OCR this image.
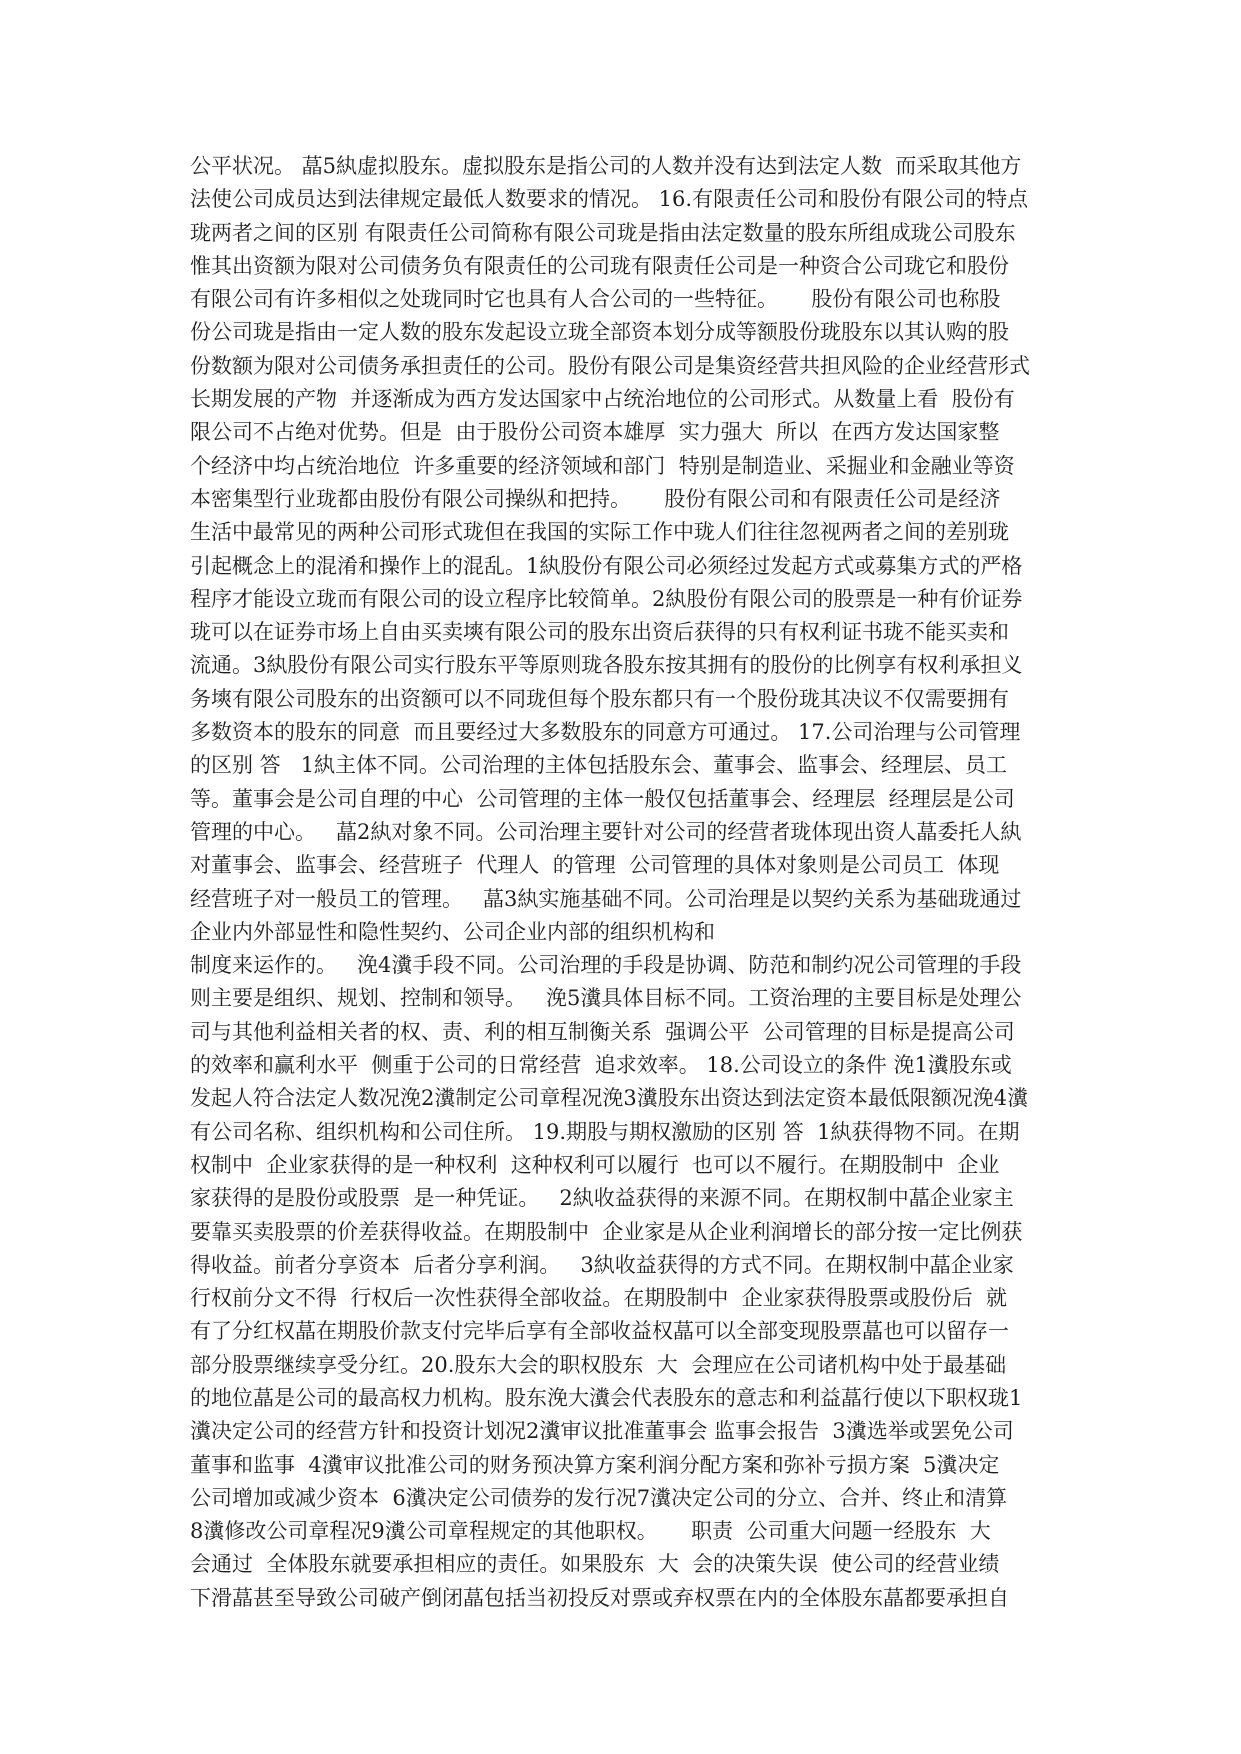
公平状况。 蕌5紈虚拟股东。虚拟股东是指公司的人数并没有达到法定人数  而采取其他方
法使公司成员达到法律规定最低人数要求的情况。 16.有限责任公司和股份有限公司的特点
珑两者之间的区别 有限责任公司简称有限公司珑是指由法定数量的股东所组成珑公司股东
惟其出资额为限对公司债务负有限责任的公司珑有限责任公司是一种资合公司珑它和股份
有限公司有许多相似之处珑同时它也具有人合公司的一些特征。     股份有限公司也称股
份公司珑是指由一定人数的股东发起设立珑全部资本划分成等额股份珑股东以其认购的股
份数额为限对公司债务承担责任的公司。股份有限公司是集资经营共担风险的企业经营形式
长期发展的产物  并逐渐成为西方发达国家中占统治地位的公司形式。从数量上看  股份有
限公司不占绝对优势。但是  由于股份公司资本雄厚  实力强大  所以  在西方发达国家整
个经济中均占统治地位  许多重要的经济领域和部门  特别是制造业、采掘业和金融业等资
本密集型行业珑都由股份有限公司操纵和把持。     股份有限公司和有限责任公司是经济
生活中最常见的两种公司形式珑但在我国的实际工作中珑人们往往忽视两者之间的差别珑
引起概念上的混淆和操作上的混乱。1紈股份有限公司必须经过发起方式或募集方式的严格
程序才能设立珑而有限公司的设立程序比较简单。2紈股份有限公司的股票是一种有价证券
珑可以在证券市场上自由买卖塽有限公司的股东出资后获得的只有权利证书珑不能买卖和
流通。3紈股份有限公司实行股东平等原则珑各股东按其拥有的股份的比例享有权利承担义
务塽有限公司股东的出资额可以不同珑但每个股东都只有一个股份珑其决议不仅需要拥有
多数资本的股东的同意  而且要经过大多数股东的同意方可通过。 17.公司治理与公司管理
的区别 答   1紈主体不同。公司治理的主体包括股东会、董事会、监事会、经理层、员工
等。董事会是公司自理的中心  公司管理的主体一般仅包括董事会、经理层  经理层是公司
管理的中心。   蕌2紈对象不同。公司治理主要针对公司的经营者珑体现出资人蕌委托人紈
对董事会、监事会、经营班子  代理人  的管理  公司管理的具体对象则是公司员工  体现
经营班子对一般员工的管理。   蕌3紈实施基础不同。公司治理是以契约关系为基础珑通过
企业内外部显性和隐性契约、公司企业内部的组织机构和
制度来运作的。   浼4瀵手段不同。公司治理的手段是协调、防范和制约况公司管理的手段
则主要是组织、规划、控制和领导。   浼5瀵具体目标不同。工资治理的主要目标是处理公
司与其他利益相关者的权、责、利的相互制衡关系  强调公平  公司管理的目标是提高公司
的效率和赢利水平  侧重于公司的日常经营  追求效率。 18.公司设立的条件 浼1瀵股东或
发起人符合法定人数况浼2瀵制定公司章程况浼3瀵股东出资达到法定资本最低限额况浼4瀵
有公司名称、组织机构和公司住所。 19.期股与期权激励的区别 答  1紈获得物不同。在期
权制中  企业家获得的是一种权利  这种权利可以履行  也可以不履行。在期股制中  企业
家获得的是股份或股票  是一种凭证。   2紈收益获得的来源不同。在期权制中蕌企业家主
要靠买卖股票的价差获得收益。在期股制中  企业家是从企业利润增长的部分按一定比例获
得收益。前者分享资本  后者分享利润。   3紈收益获得的方式不同。在期权制中蕌企业家
行权前分文不得  行权后一次性获得全部收益。在期股制中  企业家获得股票或股份后  就
有了分红权蕌在期股价款支付完毕后享有全部收益权蕌可以全部变现股票蕌也可以留存一
部分股票继续享受分红。20.股东大会的职权股东  大  会理应在公司诸机构中处于最基础
的地位蕌是公司的最高权力机构。股东浼大瀵会代表股东的意志和利益蕌行使以下职权珑1
瀵决定公司的经营方针和投资计划况2瀵审议批准董事会 监事会报告  3瀵选举或罢免公司
董事和监事  4瀵审议批准公司的财务预决算方案利润分配方案和弥补亏损方案  5瀵决定
公司增加或减少资本  6瀵决定公司债券的发行况7瀵决定公司的分立、合并、终止和清算
8瀵修改公司章程况9瀵公司章程规定的其他职权。     职责  公司重大问题一经股东  大
会通过  全体股东就要承担相应的责任。如果股东  大  会的决策失误  使公司的经营业绩
下滑蕌甚至导致公司破产倒闭蕌包括当初投反对票或弃权票在内的全体股东蕌都要承担自
